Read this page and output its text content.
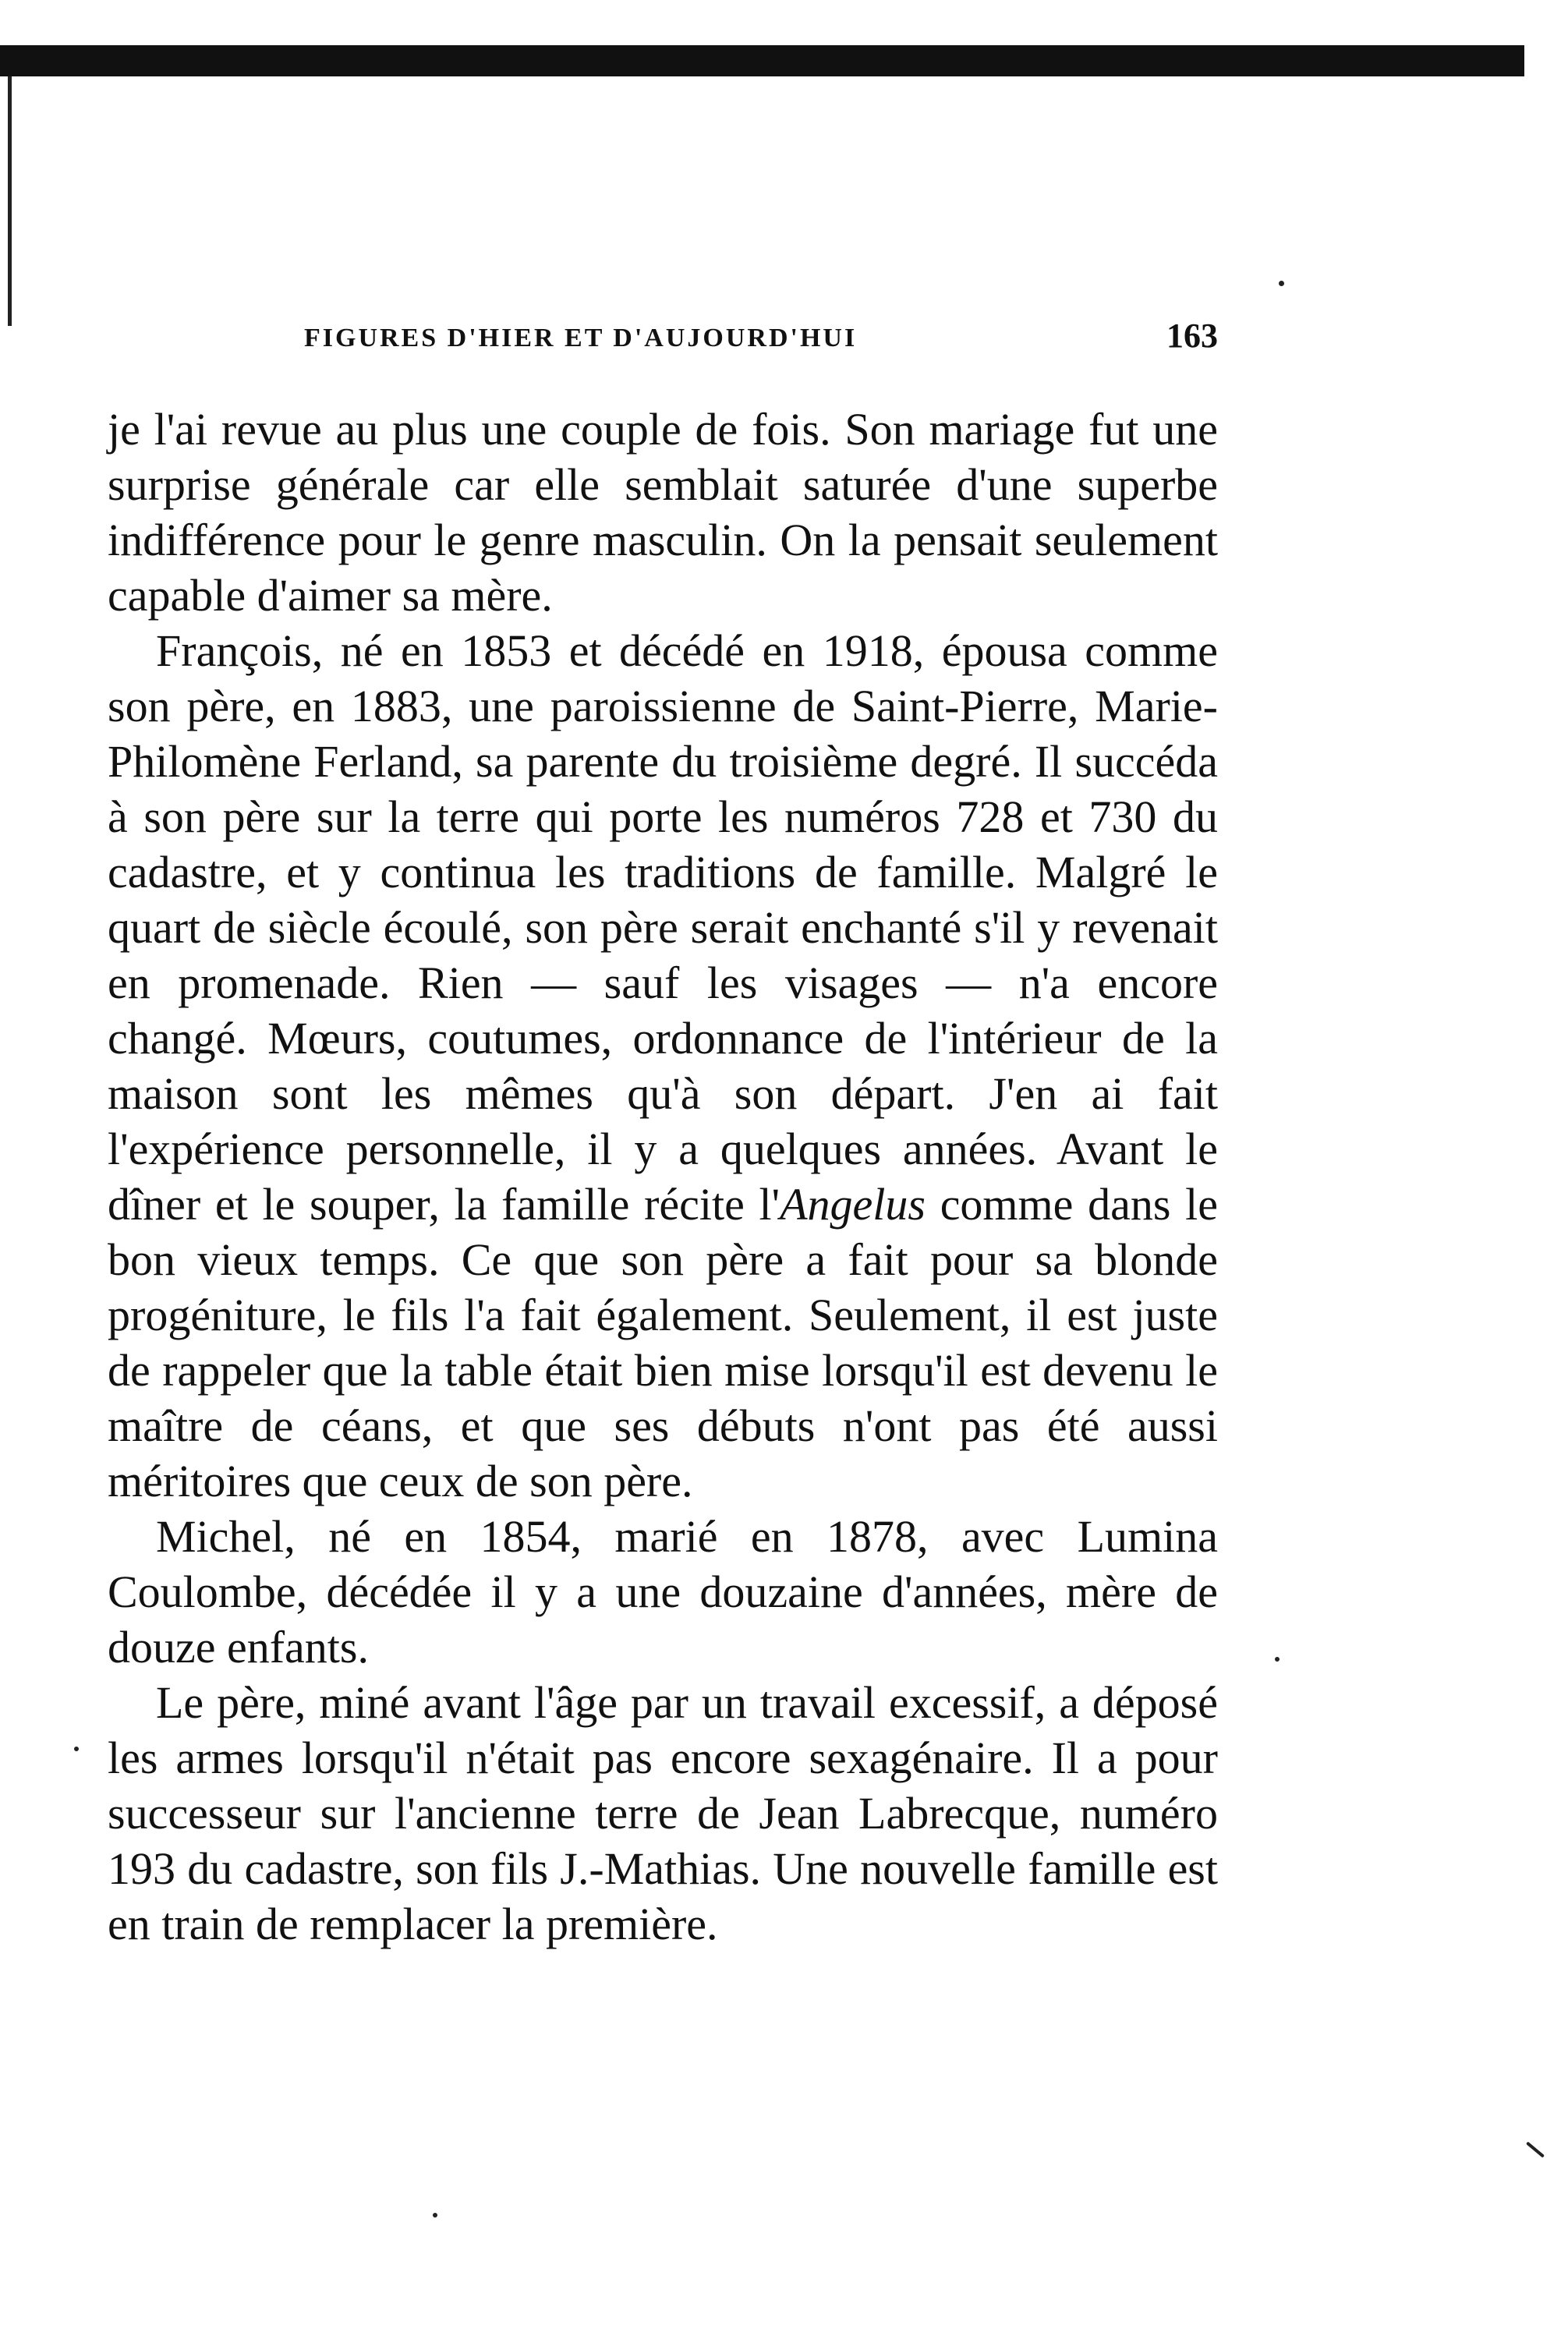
FIGURES D'HIER ET D'AUJOURD'HUI	163

je l'ai revue au plus une couple de fois. Son mariage fut une surprise générale car elle semblait saturée d'une superbe indifférence pour le genre masculin. On la pensait seulement capable d'aimer sa mère.

François, né en 1853 et décédé en 1918, épousa comme son père, en 1883, une paroissienne de Saint-Pierre, Marie-Philomène Ferland, sa parente du troisième degré. Il succéda à son père sur la terre qui porte les numéros 728 et 730 du cadastre, et y continua les traditions de famille. Malgré le quart de siècle écoulé, son père serait enchanté s'il y revenait en promenade. Rien — sauf les visages — n'a encore changé. Mœurs, coutumes, ordonnance de l'intérieur de la maison sont les mêmes qu'à son départ. J'en ai fait l'expérience personnelle, il y a quelques années. Avant le dîner et le souper, la famille récite l'Angelus comme dans le bon vieux temps. Ce que son père a fait pour sa blonde progéniture, le fils l'a fait également. Seulement, il est juste de rappeler que la table était bien mise lorsqu'il est devenu le maître de céans, et que ses débuts n'ont pas été aussi méritoires que ceux de son père.

Michel, né en 1854, marié en 1878, avec Lumina Coulombe, décédée il y a une douzaine d'années, mère de douze enfants.

Le père, miné avant l'âge par un travail excessif, a déposé les armes lorsqu'il n'était pas encore sexagénaire. Il a pour successeur sur l'ancienne terre de Jean Labrecque, numéro 193 du cadastre, son fils J.-Mathias. Une nouvelle famille est en train de remplacer la première.
